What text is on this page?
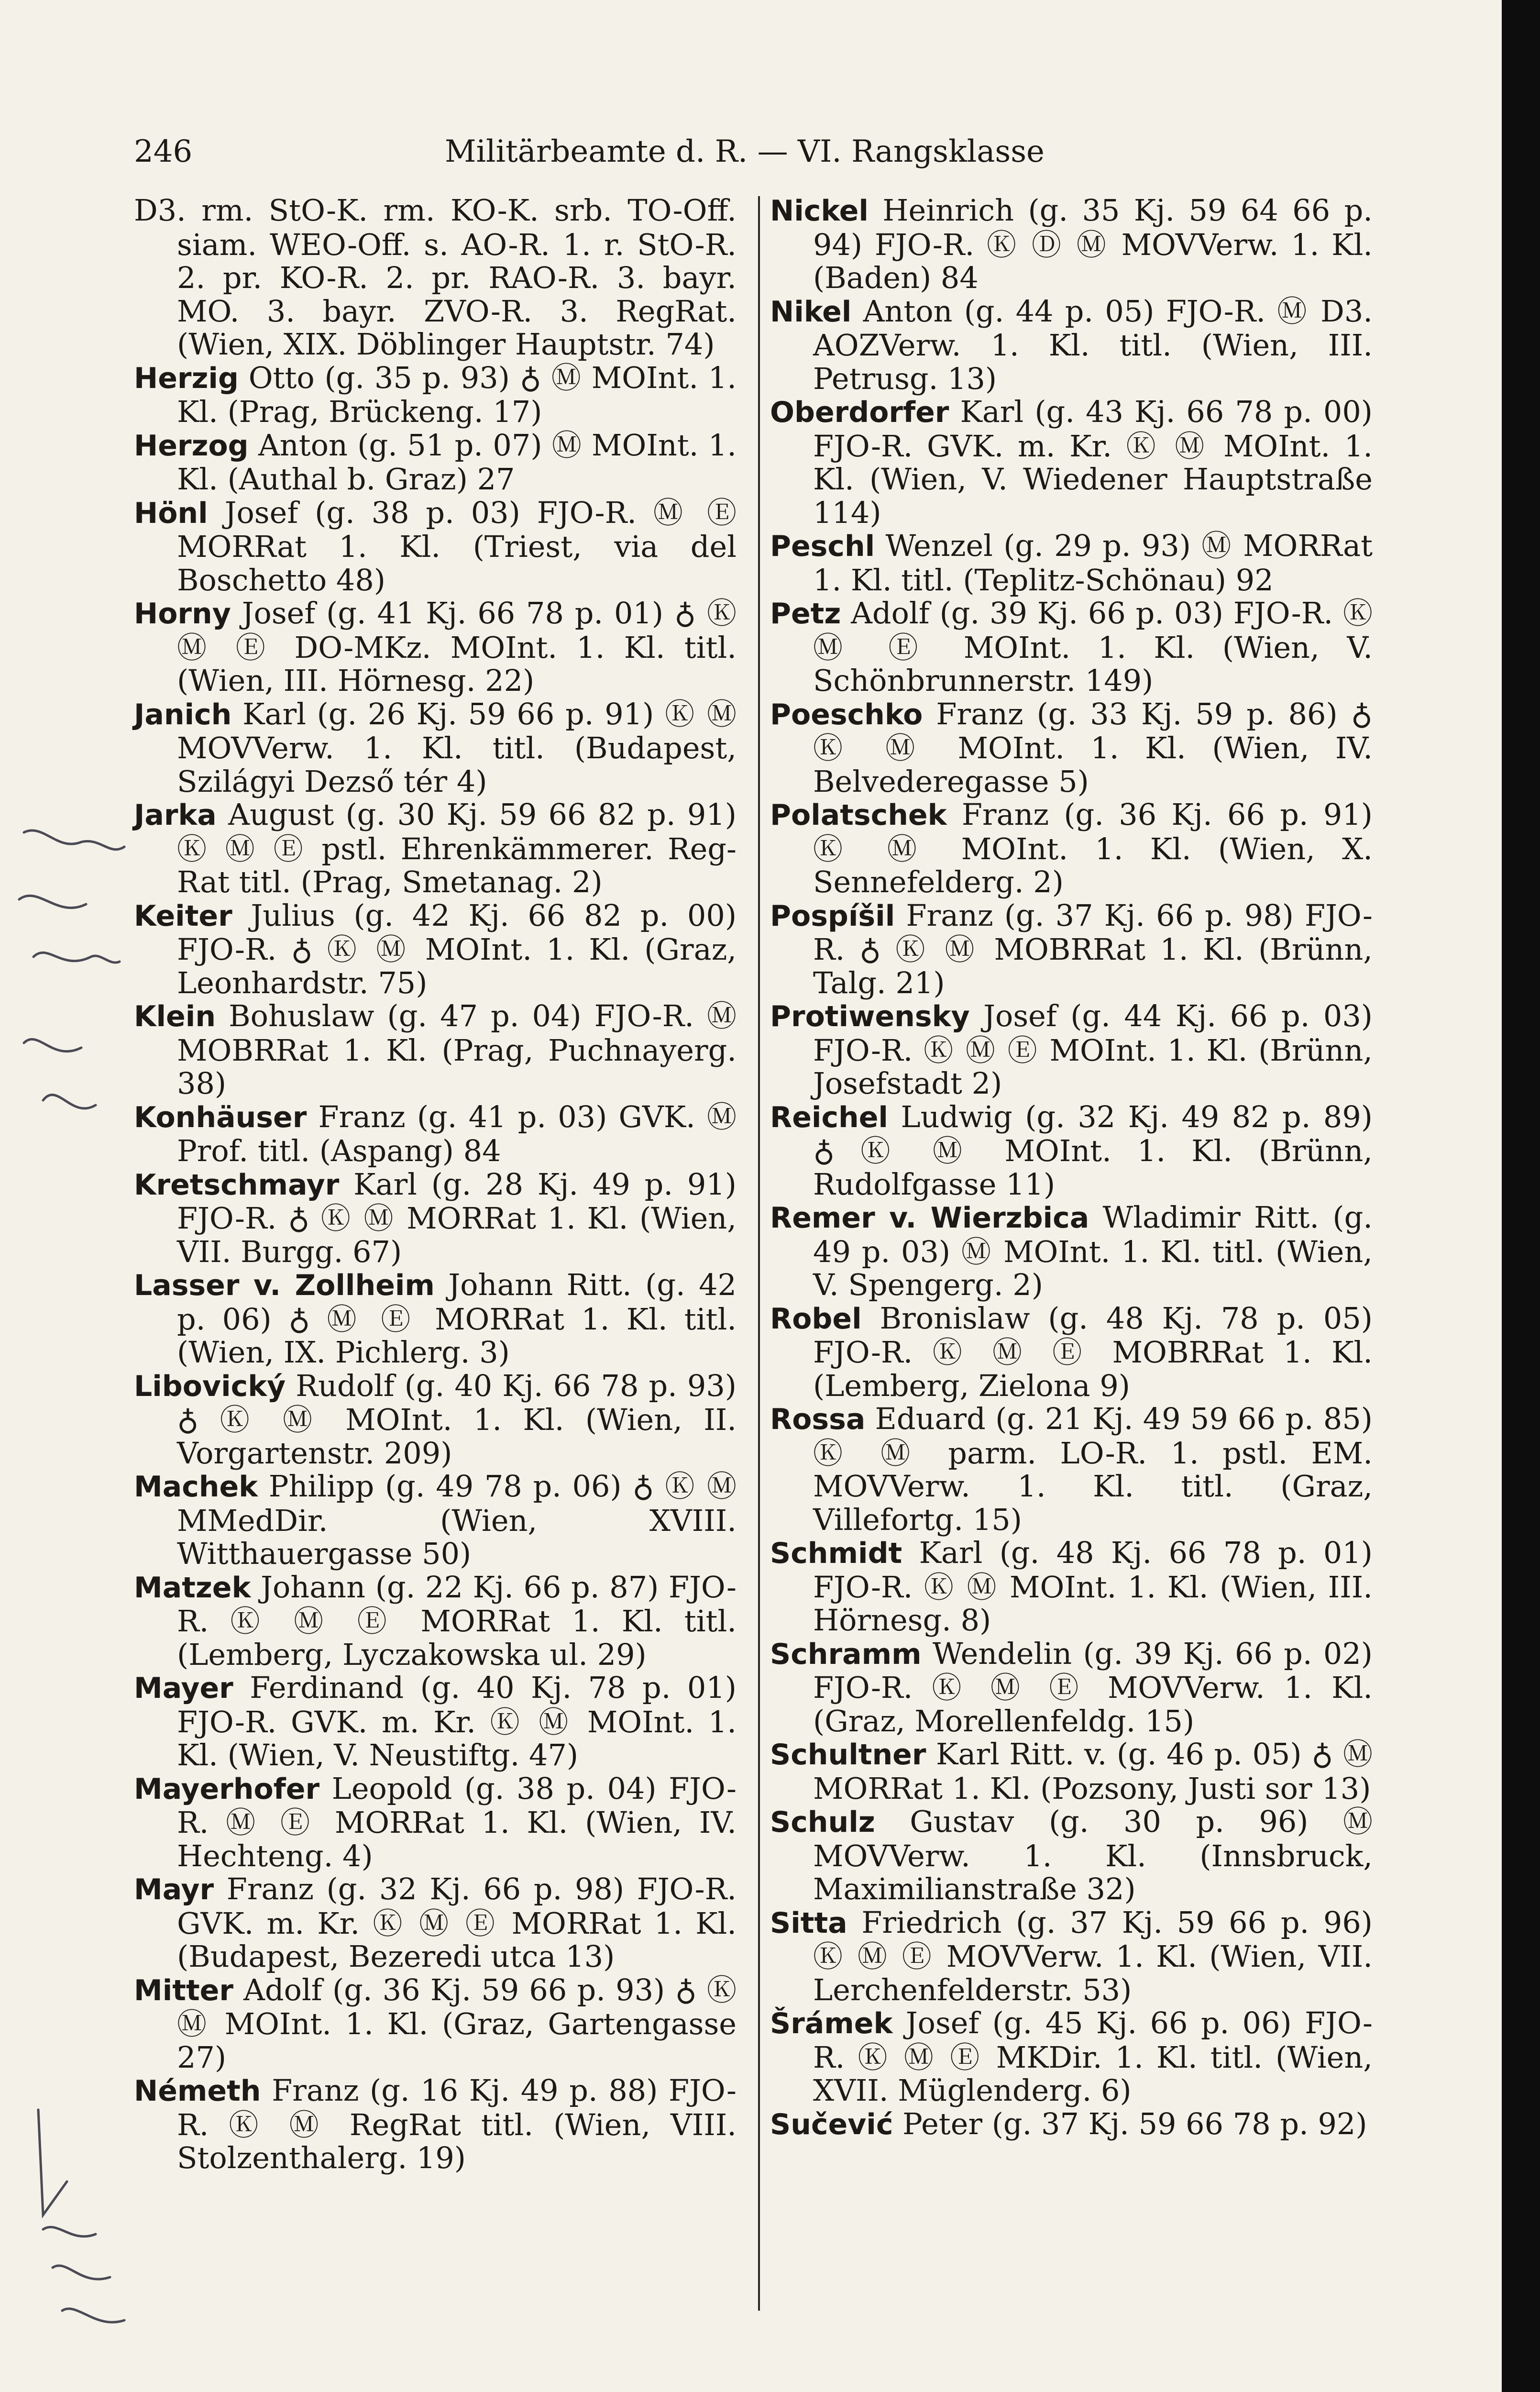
246	Militärbeamte d. R. — VI. Rangsklasse

D3. rm. StO-K. rm. KO-K. srb. TO-Off. siam. WEO-Off. s. AO-R. 1. r. StO-R. 2. pr. KO-R. 2. pr. RAO-R. 3. bayr. MO. 3. bayr. ZVO-R. 3. RegRat. (Wien, XIX. Döblinger Hauptstr. 74)

Herzig Otto (g. 35 p. 93) ♁ Ⓜ MOInt. 1. Kl. (Prag, Brückeng. 17)

Herzog Anton (g. 51 p. 07) Ⓜ MOInt. 1. Kl. (Authal b. Graz) 27

Hönl Josef (g. 38 p. 03) FJO-R. Ⓜ Ⓔ MORRat 1. Kl. (Triest, via del Boschetto 48)

Horny Josef (g. 41 Kj. 66 78 p. 01) ♁ Ⓚ Ⓜ Ⓔ DO-MKz. MOInt. 1. Kl. titl. (Wien, III. Hörnesg. 22)

Janich Karl (g. 26 Kj. 59 66 p. 91) Ⓚ Ⓜ MOVVerw. 1. Kl. titl. (Budapest, Szilágyi Dezső tér 4)

Jarka August (g. 30 Kj. 59 66 82 p. 91) Ⓚ Ⓜ Ⓔ pstl. Ehrenkämmerer. Reg-Rat titl. (Prag, Smetanag. 2)

Keiter Julius (g. 42 Kj. 66 82 p. 00) FJO-R. ♁ Ⓚ Ⓜ MOInt. 1. Kl. (Graz, Leonhardstr. 75)

Klein Bohuslaw (g. 47 p. 04) FJO-R. Ⓜ MOBRRat 1. Kl. (Prag, Puchnayerg. 38)

Konhäuser Franz (g. 41 p. 03) GVK. Ⓜ Prof. titl. (Aspang) 84

Kretschmayr Karl (g. 28 Kj. 49 p. 91) FJO-R. ♁ Ⓚ Ⓜ MORRat 1. Kl. (Wien, VII. Burgg. 67)

Lasser v. Zollheim Johann Ritt. (g. 42 p. 06) ♁ Ⓜ Ⓔ MORRat 1. Kl. titl. (Wien, IX. Pichlerg. 3)

Libovický Rudolf (g. 40 Kj. 66 78 p. 93) ♁ Ⓚ Ⓜ MOInt. 1. Kl. (Wien, II. Vorgartenstr. 209)

Machek Philipp (g. 49 78 p. 06) ♁ Ⓚ Ⓜ MMedDir. (Wien, XVIII. Witthauergasse 50)

Matzek Johann (g. 22 Kj. 66 p. 87) FJO-R. Ⓚ Ⓜ Ⓔ MORRat 1. Kl. titl. (Lemberg, Lyczakowska ul. 29)

Mayer Ferdinand (g. 40 Kj. 78 p. 01) FJO-R. GVK. m. Kr. Ⓚ Ⓜ MOInt. 1. Kl. (Wien, V. Neustiftg. 47)

Mayerhofer Leopold (g. 38 p. 04) FJO-R. Ⓜ Ⓔ MORRat 1. Kl. (Wien, IV. Hechteng. 4)

Mayr Franz (g. 32 Kj. 66 p. 98) FJO-R. GVK. m. Kr. Ⓚ Ⓜ Ⓔ MORRat 1. Kl. (Budapest, Bezeredi utca 13)

Mitter Adolf (g. 36 Kj. 59 66 p. 93) ♁ Ⓚ Ⓜ MOInt. 1. Kl. (Graz, Gartengasse 27)

Németh Franz (g. 16 Kj. 49 p. 88) FJO-R. Ⓚ Ⓜ RegRat titl. (Wien, VIII. Stolzenthalerg. 19)

Nickel Heinrich (g. 35 Kj. 59 64 66 p. 94) FJO-R. Ⓚ Ⓓ Ⓜ MOVVerw. 1. Kl. (Baden) 84

Nikel Anton (g. 44 p. 05) FJO-R. Ⓜ D3. AOZVerw. 1. Kl. titl. (Wien, III. Petrusg. 13)

Oberdorfer Karl (g. 43 Kj. 66 78 p. 00) FJO-R. GVK. m. Kr. Ⓚ Ⓜ MOInt. 1. Kl. (Wien, V. Wiedener Hauptstraße 114)

Peschl Wenzel (g. 29 p. 93) Ⓜ MORRat 1. Kl. titl. (Teplitz-Schönau) 92

Petz Adolf (g. 39 Kj. 66 p. 03) FJO-R. Ⓚ Ⓜ Ⓔ MOInt. 1. Kl. (Wien, V. Schönbrunnerstr. 149)

Poeschko Franz (g. 33 Kj. 59 p. 86) ♁ Ⓚ Ⓜ MOInt. 1. Kl. (Wien, IV. Belvederegasse 5)

Polatschek Franz (g. 36 Kj. 66 p. 91) Ⓚ Ⓜ MOInt. 1. Kl. (Wien, X. Sennefelderg. 2)

Pospíšil Franz (g. 37 Kj. 66 p. 98) FJO-R. ♁ Ⓚ Ⓜ MOBRRat 1. Kl. (Brünn, Talg. 21)

Protiwensky Josef (g. 44 Kj. 66 p. 03) FJO-R. Ⓚ Ⓜ Ⓔ MOInt. 1. Kl. (Brünn, Josefstadt 2)

Reichel Ludwig (g. 32 Kj. 49 82 p. 89) ♁ Ⓚ Ⓜ MOInt. 1. Kl. (Brünn, Rudolfgasse 11)

Remer v. Wierzbica Wladimir Ritt. (g. 49 p. 03) Ⓜ MOInt. 1. Kl. titl. (Wien, V. Spengerg. 2)

Robel Bronislaw (g. 48 Kj. 78 p. 05) FJO-R. Ⓚ Ⓜ Ⓔ MOBRRat 1. Kl. (Lemberg, Zielona 9)

Rossa Eduard (g. 21 Kj. 49 59 66 p. 85) Ⓚ Ⓜ parm. LO-R. 1. pstl. EM. MOVVerw. 1. Kl. titl. (Graz, Villefortg. 15)

Schmidt Karl (g. 48 Kj. 66 78 p. 01) FJO-R. Ⓚ Ⓜ MOInt. 1. Kl. (Wien, III. Hörnesg. 8)

Schramm Wendelin (g. 39 Kj. 66 p. 02) FJO-R. Ⓚ Ⓜ Ⓔ MOVVerw. 1. Kl. (Graz, Morellenfeldg. 15)

Schultner Karl Ritt. v. (g. 46 p. 05) ♁ Ⓜ MORRat 1. Kl. (Pozsony, Justi sor 13)

Schulz Gustav (g. 30 p. 96) Ⓜ MOVVerw. 1. Kl. (Innsbruck, Maximilianstraße 32)

Sitta Friedrich (g. 37 Kj. 59 66 p. 96) Ⓚ Ⓜ Ⓔ MOVVerw. 1. Kl. (Wien, VII. Lerchenfelderstr. 53)

Šrámek Josef (g. 45 Kj. 66 p. 06) FJO-R. Ⓚ Ⓜ Ⓔ MKDir. 1. Kl. titl. (Wien, XVII. Müglenderg. 6)

Sučević Peter (g. 37 Kj. 59 66 78 p. 92)
